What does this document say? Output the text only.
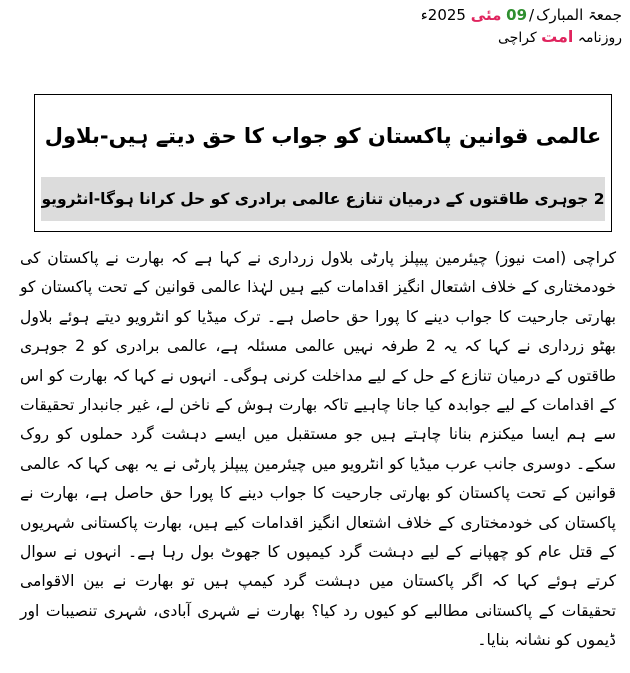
جمعۃ المبارک/09 مئی 2025ء
روزنامہ امت کراچی
عالمی قوانین پاکستان کو جواب کا حق دیتے ہیں-بلاول
2 جوہری طاقتوں کے درمیان تنازع عالمی برادری کو حل کرانا ہوگا-انٹرویو

کراچی (امت نیوز) چیئرمین پیپلز پارٹی بلاول زرداری نے کہا ہے کہ بھارت نے پاکستان کی خودمختاری کے خلاف اشتعال انگیز اقدامات کیے ہیں لہٰذا عالمی قوانین کے تحت پاکستان کو بھارتی جارحیت کا جواب دینے کا پورا حق حاصل ہے۔ ترک میڈیا کو انٹرویو دیتے ہوئے بلاول بھٹو زرداری نے کہا کہ یہ 2 طرفہ نہیں عالمی مسئلہ ہے، عالمی برادری کو 2 جوہری طاقتوں کے درمیان تنازع کے حل کے لیے مداخلت کرنی ہوگی۔ انہوں نے کہا کہ بھارت کو اس کے اقدامات کے لیے جوابدہ کیا جانا چاہیے تاکہ بھارت ہوش کے ناخن لے، غیر جانبدار تحقیقات سے ہم ایسا میکنزم بنانا چاہتے ہیں جو مستقبل میں ایسے دہشت گرد حملوں کو روک سکے۔ دوسری جانب عرب میڈیا کو انٹرویو میں چیئرمین پیپلز پارٹی نے یہ بھی کہا کہ عالمی قوانین کے تحت پاکستان کو بھارتی جارحیت کا جواب دینے کا پورا حق حاصل ہے، بھارت نے پاکستان کی خودمختاری کے خلاف اشتعال انگیز اقدامات کیے ہیں، بھارت پاکستانی شہریوں کے قتل عام کو چھپانے کے لیے دہشت گرد کیمپوں کا جھوٹ بول رہا ہے۔ انہوں نے سوال کرتے ہوئے کہا کہ اگر پاکستان میں دہشت گرد کیمپ ہیں تو بھارت نے بین الاقوامی تحقیقات کے پاکستانی مطالبے کو کیوں رد کیا؟ بھارت نے شہری آبادی، شہری تنصیبات اور ڈیموں کو نشانہ بنایا۔
